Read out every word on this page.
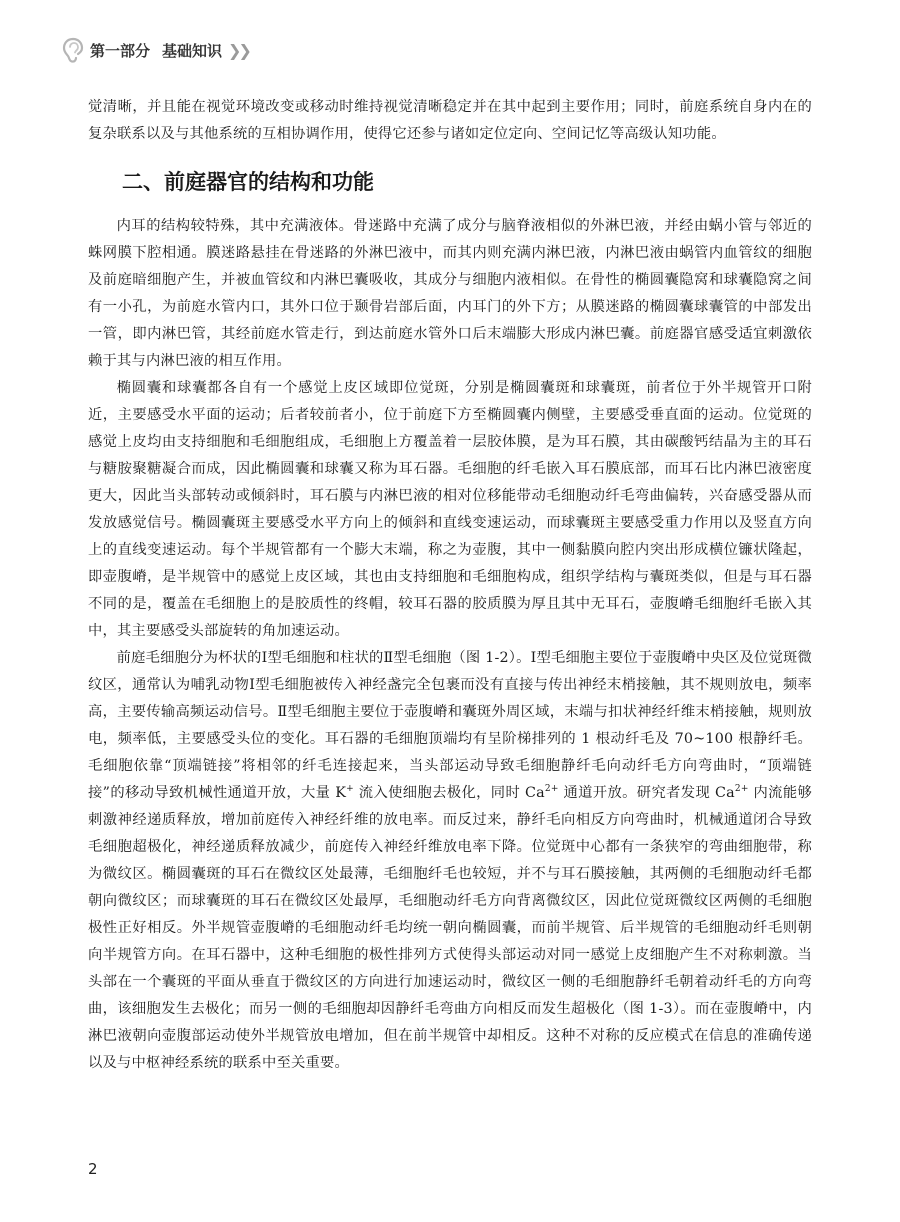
第一部分 基础知识 ❯❯

觉清晰，并且能在视觉环境改变或移动时维持视觉清晰稳定并在其中起到主要作用；同时，前庭系统自身内在的复杂联系以及与其他系统的互相协调作用，使得它还参与诸如定位定向、空间记忆等高级认知功能。

二、前庭器官的结构和功能

内耳的结构较特殊，其中充满液体。骨迷路中充满了成分与脑脊液相似的外淋巴液，并经由蜗小管与邻近的蛛网膜下腔相通。膜迷路悬挂在骨迷路的外淋巴液中，而其内则充满内淋巴液，内淋巴液由蜗管内血管纹的细胞及前庭暗细胞产生，并被血管纹和内淋巴囊吸收，其成分与细胞内液相似。在骨性的椭圆囊隐窝和球囊隐窝之间有一小孔，为前庭水管内口，其外口位于颞骨岩部后面，内耳门的外下方；从膜迷路的椭圆囊球囊管的中部发出一管，即内淋巴管，其经前庭水管走行，到达前庭水管外口后末端膨大形成内淋巴囊。前庭器官感受适宜刺激依赖于其与内淋巴液的相互作用。

椭圆囊和球囊都各自有一个感觉上皮区域即位觉斑，分别是椭圆囊斑和球囊斑，前者位于外半规管开口附近，主要感受水平面的运动；后者较前者小，位于前庭下方至椭圆囊内侧壁，主要感受垂直面的运动。位觉斑的感觉上皮均由支持细胞和毛细胞组成，毛细胞上方覆盖着一层胶体膜，是为耳石膜，其由碳酸钙结晶为主的耳石与糖胺聚糖凝合而成，因此椭圆囊和球囊又称为耳石器。毛细胞的纤毛嵌入耳石膜底部，而耳石比内淋巴液密度更大，因此当头部转动或倾斜时，耳石膜与内淋巴液的相对位移能带动毛细胞动纤毛弯曲偏转，兴奋感受器从而发放感觉信号。椭圆囊斑主要感受水平方向上的倾斜和直线变速运动，而球囊斑主要感受重力作用以及竖直方向上的直线变速运动。每个半规管都有一个膨大末端，称之为壶腹，其中一侧黏膜向腔内突出形成横位镰状隆起，即壶腹嵴，是半规管中的感觉上皮区域，其也由支持细胞和毛细胞构成，组织学结构与囊斑类似，但是与耳石器不同的是，覆盖在毛细胞上的是胶质性的终帽，较耳石器的胶质膜为厚且其中无耳石，壶腹嵴毛细胞纤毛嵌入其中，其主要感受头部旋转的角加速运动。

前庭毛细胞分为杯状的Ⅰ型毛细胞和柱状的Ⅱ型毛细胞（图 1-2）。Ⅰ型毛细胞主要位于壶腹嵴中央区及位觉斑微纹区，通常认为哺乳动物Ⅰ型毛细胞被传入神经盏完全包裹而没有直接与传出神经末梢接触，其不规则放电，频率高，主要传输高频运动信号。Ⅱ型毛细胞主要位于壶腹嵴和囊斑外周区域，末端与扣状神经纤维末梢接触，规则放电，频率低，主要感受头位的变化。耳石器的毛细胞顶端均有呈阶梯排列的 1 根动纤毛及 70~100 根静纤毛。毛细胞依靠“顶端链接”将相邻的纤毛连接起来，当头部运动导致毛细胞静纤毛向动纤毛方向弯曲时，“顶端链接”的移动导致机械性通道开放，大量 K+ 流入使细胞去极化，同时 $Ca^{2+}$ 通道开放。研究者发现 $Ca^{2+}$ 内流能够刺激神经递质释放，增加前庭传入神经纤维的放电率。而反过来，静纤毛向相反方向弯曲时，机械通道闭合导致毛细胞超极化，神经递质释放减少，前庭传入神经纤维放电率下降。位觉斑中心都有一条狭窄的弯曲细胞带，称为微纹区。椭圆囊斑的耳石在微纹区处最薄，毛细胞纤毛也较短，并不与耳石膜接触，其两侧的毛细胞动纤毛都朝向微纹区；而球囊斑的耳石在微纹区处最厚，毛细胞动纤毛方向背离微纹区，因此位觉斑微纹区两侧的毛细胞极性正好相反。外半规管壶腹嵴的毛细胞动纤毛均统一朝向椭圆囊，而前半规管、后半规管的毛细胞动纤毛则朝向半规管方向。在耳石器中，这种毛细胞的极性排列方式使得头部运动对同一感觉上皮细胞产生不对称刺激。当头部在一个囊斑的平面从垂直于微纹区的方向进行加速运动时，微纹区一侧的毛细胞静纤毛朝着动纤毛的方向弯曲，该细胞发生去极化；而另一侧的毛细胞却因静纤毛弯曲方向相反而发生超极化（图 1-3）。而在壶腹嵴中，内淋巴液朝向壶腹部运动使外半规管放电增加，但在前半规管中却相反。这种不对称的反应模式在信息的准确传递以及与中枢神经系统的联系中至关重要。

2
